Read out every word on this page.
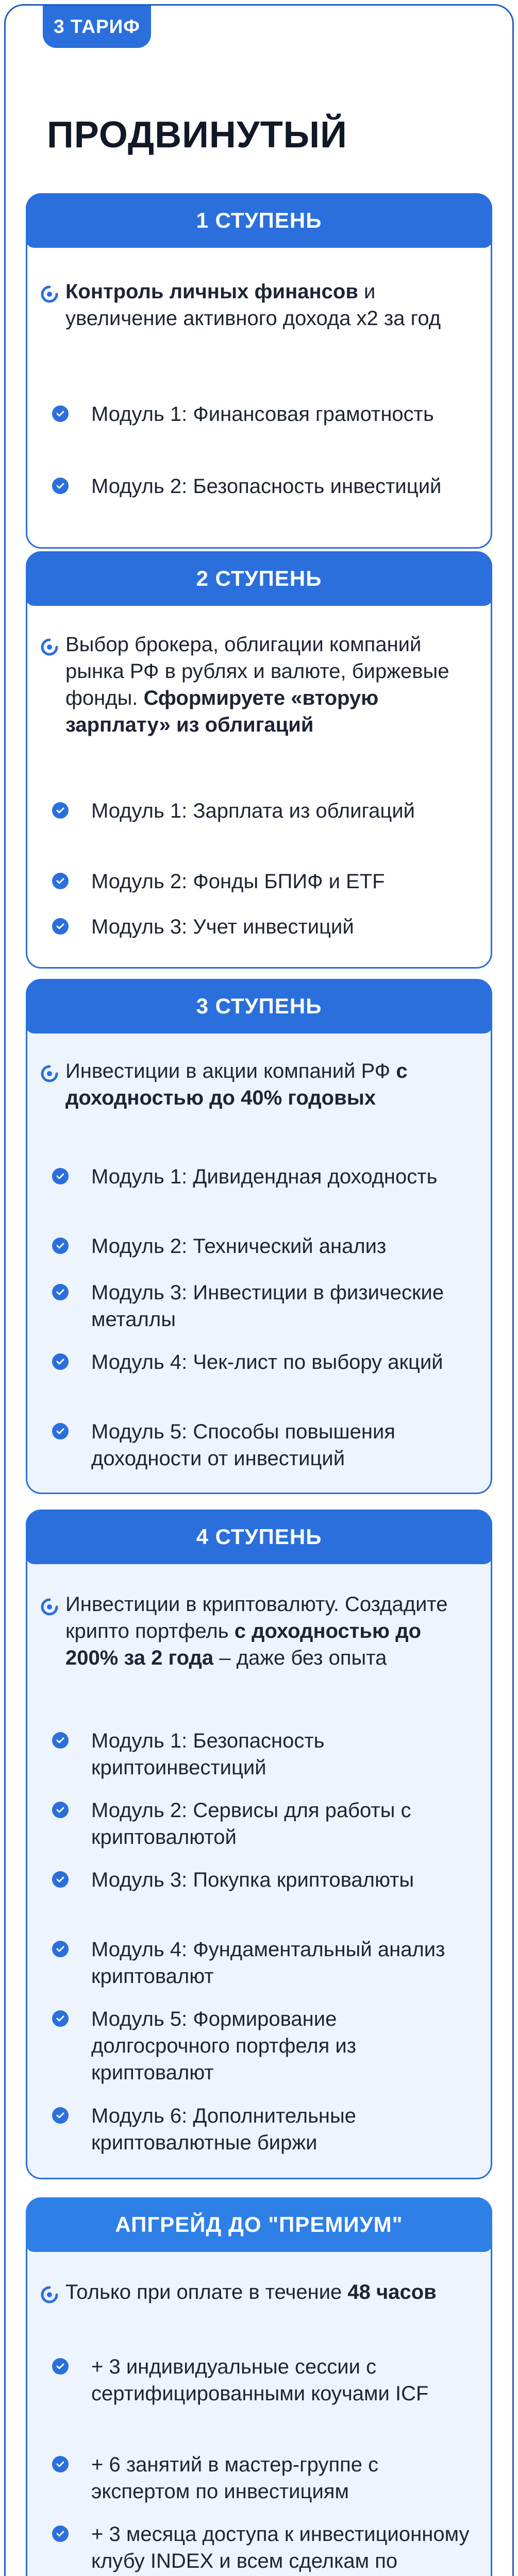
3 ТАРИФ
ПРОДВИНУТЫЙ
1 СТУПЕНЬ
Контроль личных финансов и увеличение активного дохода х2 за год
Модуль 1: Финансовая грамотность
Модуль 2: Безопасность инвестиций
2 СТУПЕНЬ
Выбор брокера, облигации компаний рынка РФ в рублях и валюте, биржевые фонды. Сформируете «вторую зарплату» из облигаций
Модуль 1: Зарплата из облигаций
Модуль 2: Фонды БПИФ и ETF
Модуль 3: Учет инвестиций
3 СТУПЕНЬ
Инвестиции в акции компаний РФ с доходностью до 40% годовых
Модуль 1: Дивидендная доходность
Модуль 2: Технический анализ
Модуль 3: Инвестиции в физические металлы
Модуль 4: Чек-лист по выбору акций
Модуль 5: Способы повышения доходности от инвестиций
4 СТУПЕНЬ
Инвестиции в криптовалюту. Создадите крипто портфель с доходностью до 200% за 2 года – даже без опыта
Модуль 1: Безопасность криптоинвестиций
Модуль 2: Сервисы для работы с криптовалютой
Модуль 3: Покупка криптовалюты
Модуль 4: Фундаментальный анализ криптовалют
Модуль 5: Формирование долгосрочного портфеля из криптовалют
Модуль 6: Дополнительные криптовалютные биржи
АПГРЕЙД ДО "ПРЕМИУМ"
Только при оплате в течение 48 часов
+ 3 индивидуальные сессии с сертифицированными коучами ICF
+ 6 занятий в мастер-группе с экспертом по инвестициям
+ 3 месяца доступа к инвестиционному клубу INDEX и всем сделкам по
